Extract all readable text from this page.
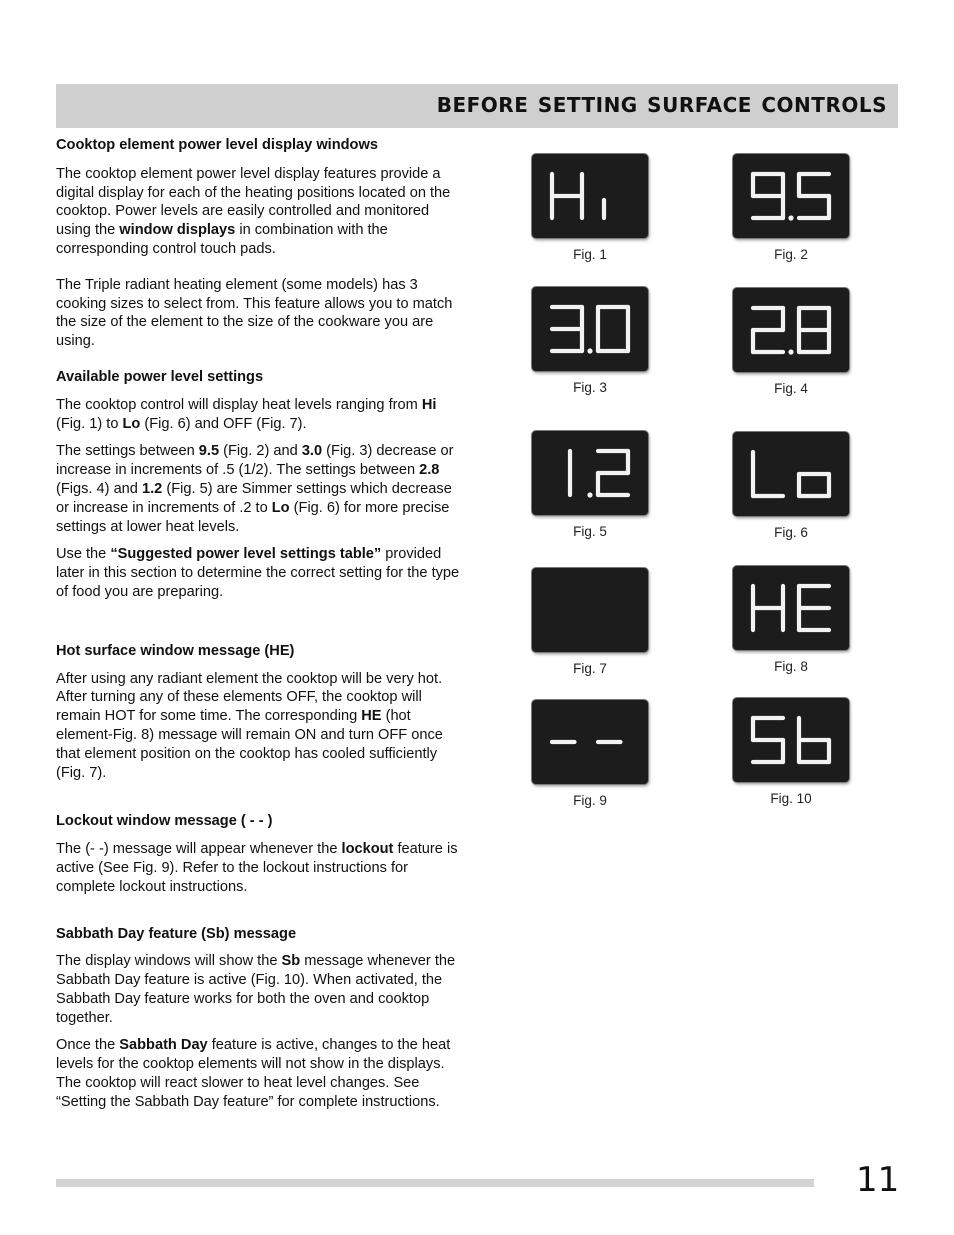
BEFORE SETTING SURFACE CONTROLS
Cooktop element power level display windows

The cooktop element power level display features provide a digital display for each of the heating positions located on the cooktop. Power levels are easily controlled and monitored using the window displays in combination with the corresponding control touch pads.

The Triple radiant heating element (some models) has 3 cooking sizes to select from. This feature allows you to match the size of the element to the size of the cookware you are using.

Available power level settings

The cooktop control will display heat levels ranging from Hi (Fig. 1) to Lo (Fig. 6) and OFF (Fig. 7).

The settings between 9.5 (Fig. 2) and 3.0 (Fig. 3) decrease or increase in increments of .5 (1/2). The settings between 2.8 (Figs. 4) and 1.2 (Fig. 5) are Simmer settings which decrease or increase in increments of .2 to Lo (Fig. 6) for more precise settings at lower heat levels.

Use the “Suggested power level settings table” provided later in this section to determine the correct setting for the type of food you are preparing.

Hot surface window message (HE)

After using any radiant element the cooktop will be very hot. After turning any of these elements OFF, the cooktop will remain HOT for some time. The corresponding HE (hot element-Fig. 8) message will remain ON and turn OFF once that element position on the cooktop has cooled sufficiently (Fig. 7).

Lockout window message ( - - )

The (- -) message will appear whenever the lockout feature is active (See Fig. 9). Refer to the lockout instructions for complete lockout instructions.

Sabbath Day feature (Sb) message

The display windows will show the Sb message whenever the Sabbath Day feature is active (Fig. 10). When activated, the Sabbath Day feature works for both the oven and cooktop together.

Once the Sabbath Day feature is active, changes to the heat levels for the cooktop elements will not show in the displays. The cooktop will react slower to heat level changes. See “Setting the Sabbath Day feature” for complete instructions.

Fig. 1	Fig. 2
Fig. 3	Fig. 4
Fig. 5	Fig. 6
Fig. 7	Fig. 8
Fig. 9	Fig. 10
11
